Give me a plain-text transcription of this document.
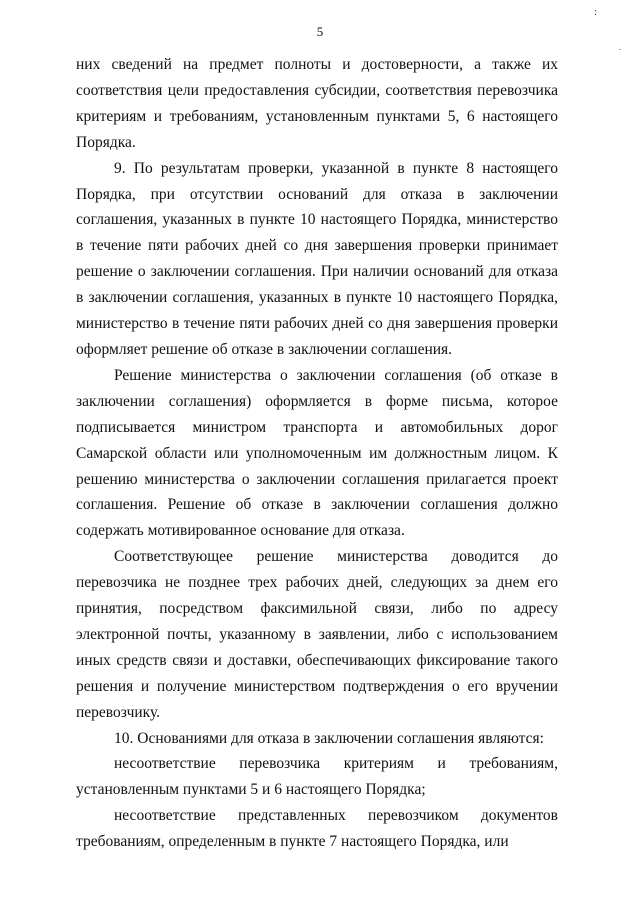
:
·
5

них сведений на предмет полноты и достоверности, а также их соответствия цели предоставления субсидии, соответствия перевозчика критериям и требованиям, установленным пунктами 5, 6 настоящего Порядка.

9. По результатам проверки, указанной в пункте 8 настоящего Порядка, при отсутствии оснований для отказа в заключении соглашения, указанных в пункте 10 настоящего Порядка, министерство в течение пяти рабочих дней со дня завершения проверки принимает решение о заключении соглашения. При наличии оснований для отказа в заключении соглашения, указанных в пункте 10 настоящего Порядка, министерство в течение пяти рабочих дней со дня завершения проверки оформляет решение об отказе в заключении соглашения.

Решение министерства о заключении соглашения (об отказе в заключении соглашения) оформляется в форме письма, которое подписывается министром транспорта и автомобильных дорог Самарской области или уполномоченным им должностным лицом. К решению министерства о заключении соглашения прилагается проект соглашения. Решение об отказе в заключении соглашения должно содержать мотивированное основание для отказа.

Соответствующее решение министерства доводится до перевозчика не позднее трех рабочих дней, следующих за днем его принятия, посредством факсимильной связи, либо по адресу электронной почты, указанному в заявлении, либо с использованием иных средств связи и доставки, обеспечивающих фиксирование такого решения и получение министерством подтверждения о его вручении перевозчику.

10. Основаниями для отказа в заключении соглашения являются:

несоответствие перевозчика критериям и требованиям, установленным пунктами 5 и 6 настоящего Порядка;

несоответствие представленных перевозчиком документов требованиям, определенным в пункте 7 настоящего Порядка, или
